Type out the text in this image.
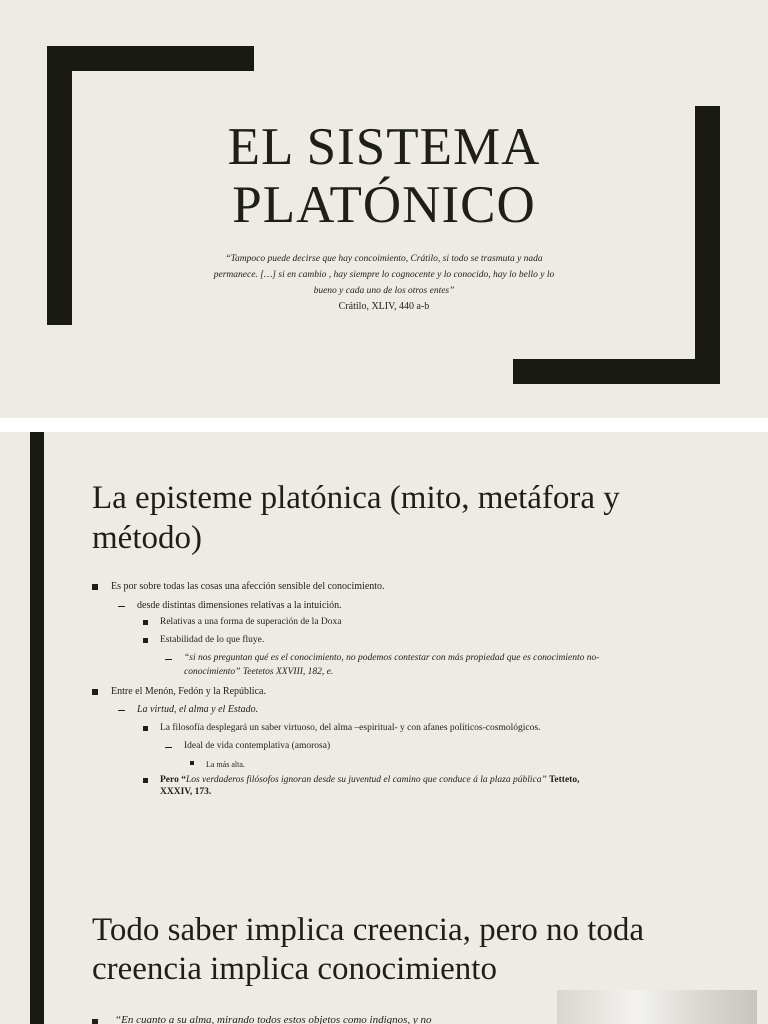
EL SISTEMA
PLATÓNICO
“Tampoco puede decirse que hay concoimiento, Crátilo, si todo se trasmuta y nada
permanece. […] si en cambio , hay siempre lo cognocente y lo conocido, hay lo bello y lo
bueno y cada uno de los otros entes”
Crátilo, XLIV, 440 a-b
La episteme platónica (mito, metáfora y método)
Es por sobre todas las cosas una afección sensible del conocimiento.
desde distintas dimensiones relativas a la intuición.
Relativas a una forma de superación de la Doxa
Estabilidad de lo que fluye.
“si nos preguntan qué es el conocimiento, no podemos contestar con más propiedad que es conocimiento no-
conocimiento” Teetetos XXVIII, 182, e.
Entre el Menón, Fedón y la República.
La virtud, el alma y el Estado.
La filosofía desplegará un saber virtuoso, del alma –espiritual- y con afanes políticos-cosmológicos.
Ideal de vida contemplativa (amorosa)
La más alta.
Pero “Los verdaderos filósofos ignoran desde su juventud el camino que conduce á la plaza pública” Tetteto,
XXXIV, 173.
Todo saber implica creencia, pero no toda creencia implica conocimiento
“En cuanto a su alma, mirando todos estos objetos como indignos, y no
